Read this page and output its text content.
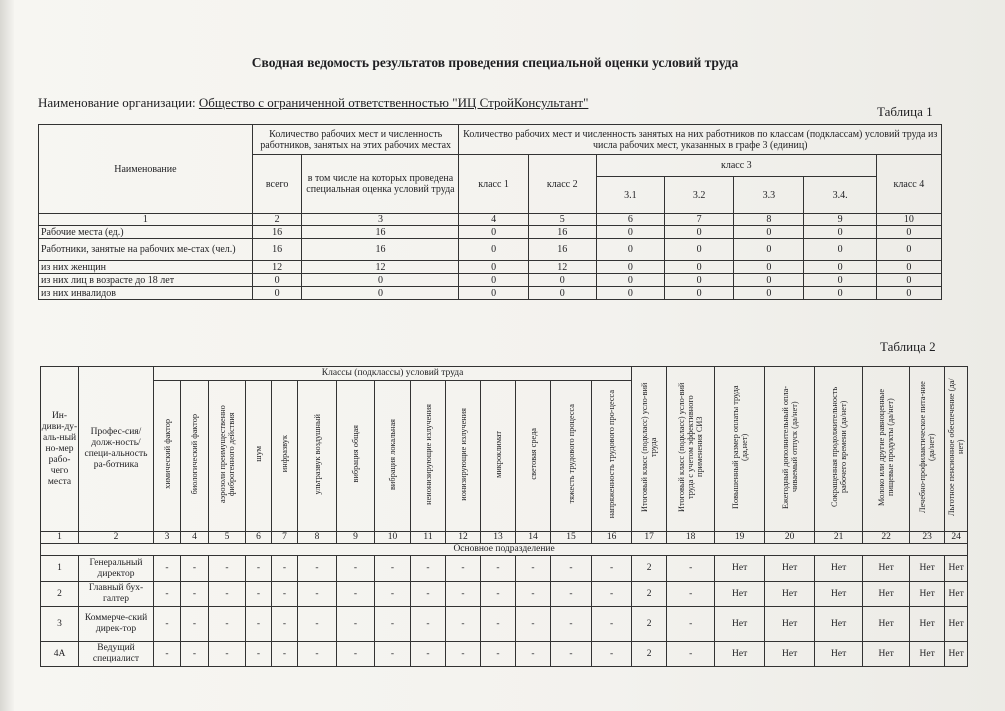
Сводная ведомость результатов проведения специальной оценки условий труда
Наименование организации: Общество с ограниченной ответственностью "ИЦ СтройКонсультант"
Таблица 1
Наименование	Количество рабочих мест и численность работников, занятых на этих рабочих местах		Количество рабочих мест и численность занятых на них работников по классам (подклассам) условий труда из числа рабочих мест, указанных в графе 3 (единиц)						
	всего	в том числе на которых проведена специальная оценка условий труда	класс 1	класс 2	класс 3				класс 4
					3.1	3.2	3.3	3.4.	
1	2	3	4	5	6	7	8	9	10
Рабочие места (ед.)	16	16	0	16	0	0	0	0	0
Работники, занятые на рабочих ме-стах (чел.)	16	16	0	16	0	0	0	0	0
из них женщин	12	12	0	12	0	0	0	0	0
из них лиц в возрасте до 18 лет	0	0	0	0	0	0	0	0	0
из них инвалидов	0	0	0	0	0	0	0	0	0
Таблица 2
Ин-диви-ду-аль-ный но-мер рабо-чего места	Профес-сия/долж-ность/специ-альность ра-ботника	Классы (подклассы) условий труда														Итоговый класс (подкласс) усло-вий труда	Итоговый класс (подкласс) усло-вий труда с учетом эффективного применения СИЗ	Повышенный размер оплаты труда (да,нет)	Ежегодный дополнительный опла-чиваемый отпуск (да/нет)	Сокращенная продолжительность рабочего времени (да/нет)	Молоко или другие равноценные пищевые продукты (да/нет)	Лечебно-профилактическое пита-ние (да/нет)	Льготное пенсионное обеспечение (да/нет)
		химический фактор	биологический фактор	аэрозоли преимущественно фиброгенного действия	шум	инфразвук	ультразвук воздушный	вибрация общая	вибрация локальная	неионизирующие излучения	ионизирующие излучения	микроклимат	световая среда	тяжесть трудового процесса	напряженность трудового про-цесса								
1	2	3	4	5	6	7	8	9	10	11	12	13	14	15	16	17	18	19	20	21	22	23	24
Основное подразделение																							
1	Генеральный директор	-	-	-	-	-	-	-	-	-	-	-	-	-	-	2	-	Нет	Нет	Нет	Нет	Нет	Нет
2	Главный бух-галтер	-	-	-	-	-	-	-	-	-	-	-	-	-	-	2	-	Нет	Нет	Нет	Нет	Нет	Нет
3	Коммерче-ский дирек-тор	-	-	-	-	-	-	-	-	-	-	-	-	-	-	2	-	Нет	Нет	Нет	Нет	Нет	Нет
4А	Ведущий специалист	-	-	-	-	-	-	-	-	-	-	-	-	-	-	2	-	Нет	Нет	Нет	Нет	Нет	Нет
